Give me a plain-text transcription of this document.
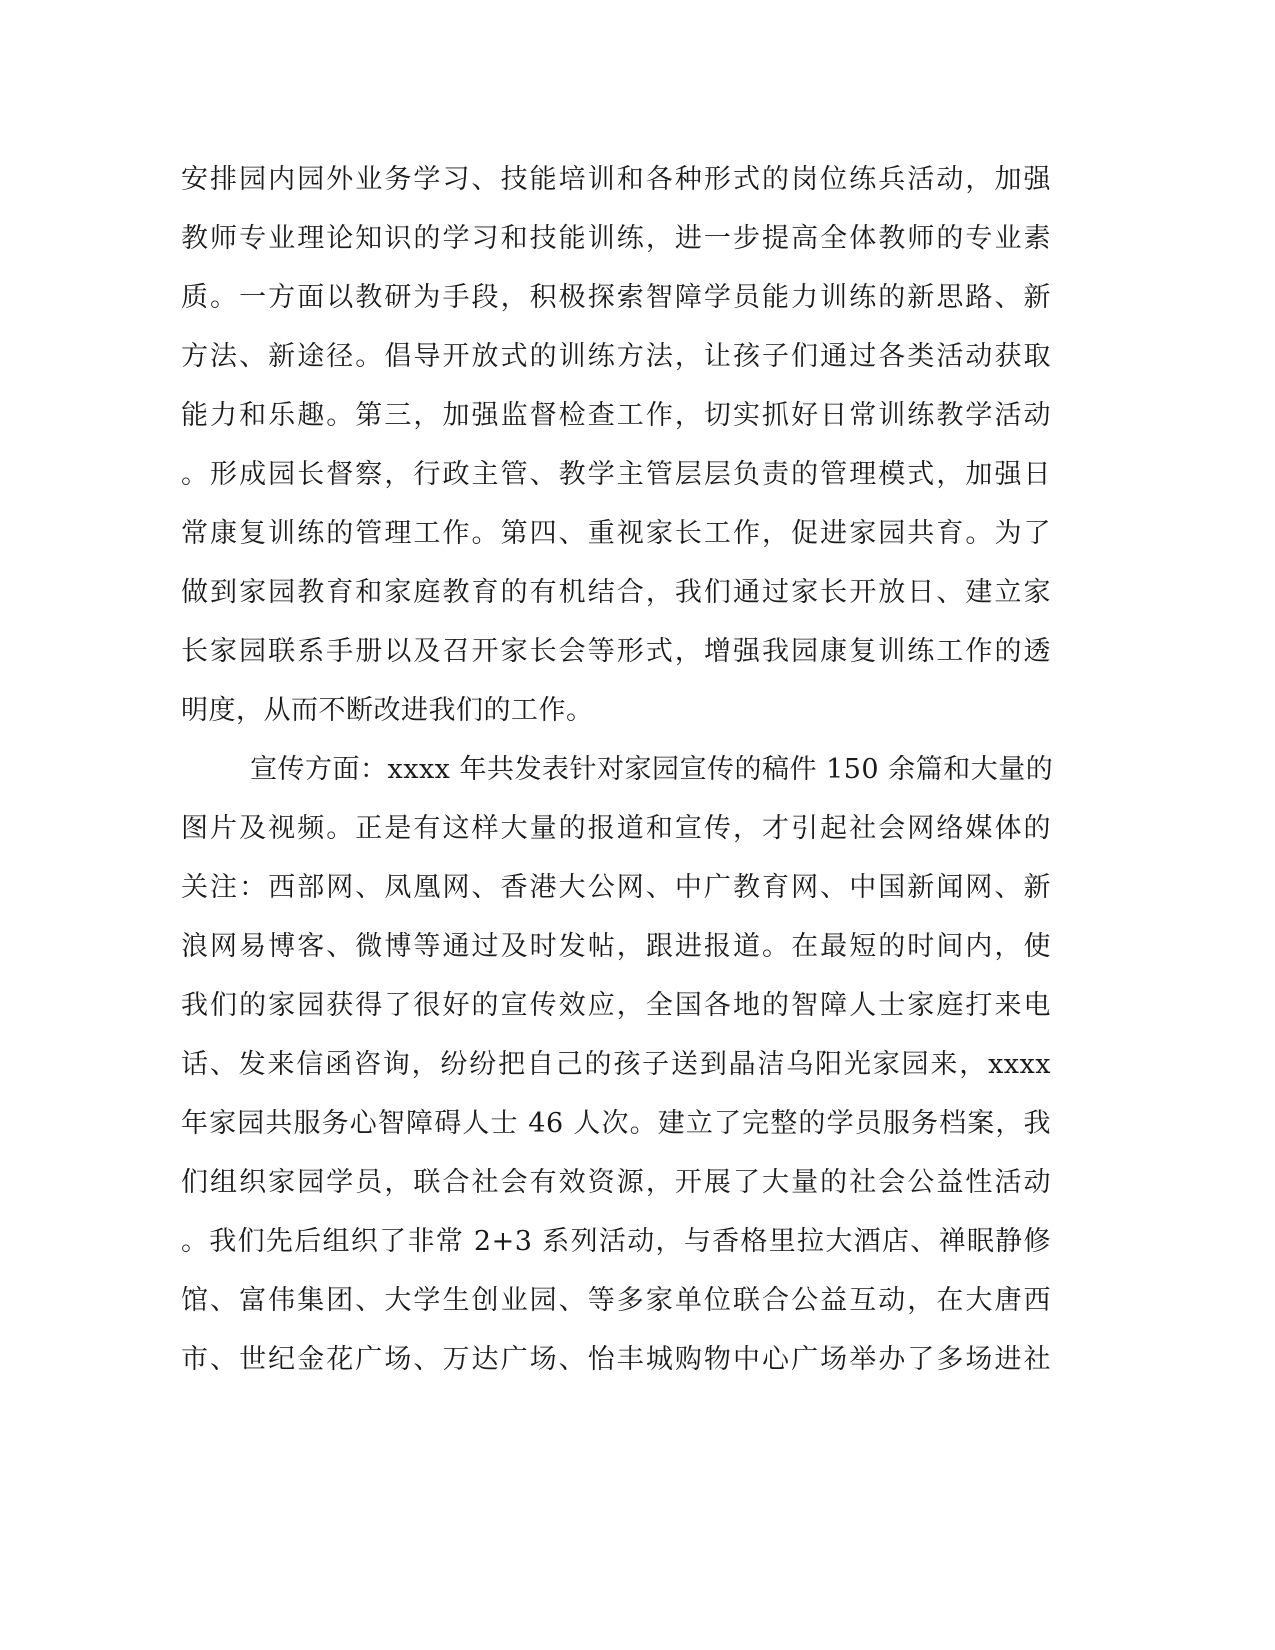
安排园内园外业务学习、技能培训和各种形式的岗位练兵活动，加强
教师专业理论知识的学习和技能训练，进一步提高全体教师的专业素
质。一方面以教研为手段，积极探索智障学员能力训练的新思路、新
方法、新途径。倡导开放式的训练方法，让孩子们通过各类活动获取
能力和乐趣。第三，加强监督检查工作，切实抓好日常训练教学活动
。形成园长督察，行政主管、教学主管层层负责的管理模式，加强日
常康复训练的管理工作。第四、重视家长工作，促进家园共育。为了
做到家园教育和家庭教育的有机结合，我们通过家长开放日、建立家
长家园联系手册以及召开家长会等形式，增强我园康复训练工作的透
明度，从而不断改进我们的工作。
宣传方面：xxxx 年共发表针对家园宣传的稿件 150 余篇和大量的
图片及视频。正是有这样大量的报道和宣传，才引起社会网络媒体的
关注：西部网、凤凰网、香港大公网、中广教育网、中国新闻网、新
浪网易博客、微博等通过及时发帖，跟进报道。在最短的时间内，使
我们的家园获得了很好的宣传效应，全国各地的智障人士家庭打来电
话、发来信函咨询，纷纷把自己的孩子送到晶洁乌阳光家园来，xxxx
年家园共服务心智障碍人士 46 人次。建立了完整的学员服务档案，我
们组织家园学员，联合社会有效资源，开展了大量的社会公益性活动
。我们先后组织了非常 2+3 系列活动，与香格里拉大酒店、禅眠静修
馆、富伟集团、大学生创业园、等多家单位联合公益互动，在大唐西
市、世纪金花广场、万达广场、怡丰城购物中心广场举办了多场进社
